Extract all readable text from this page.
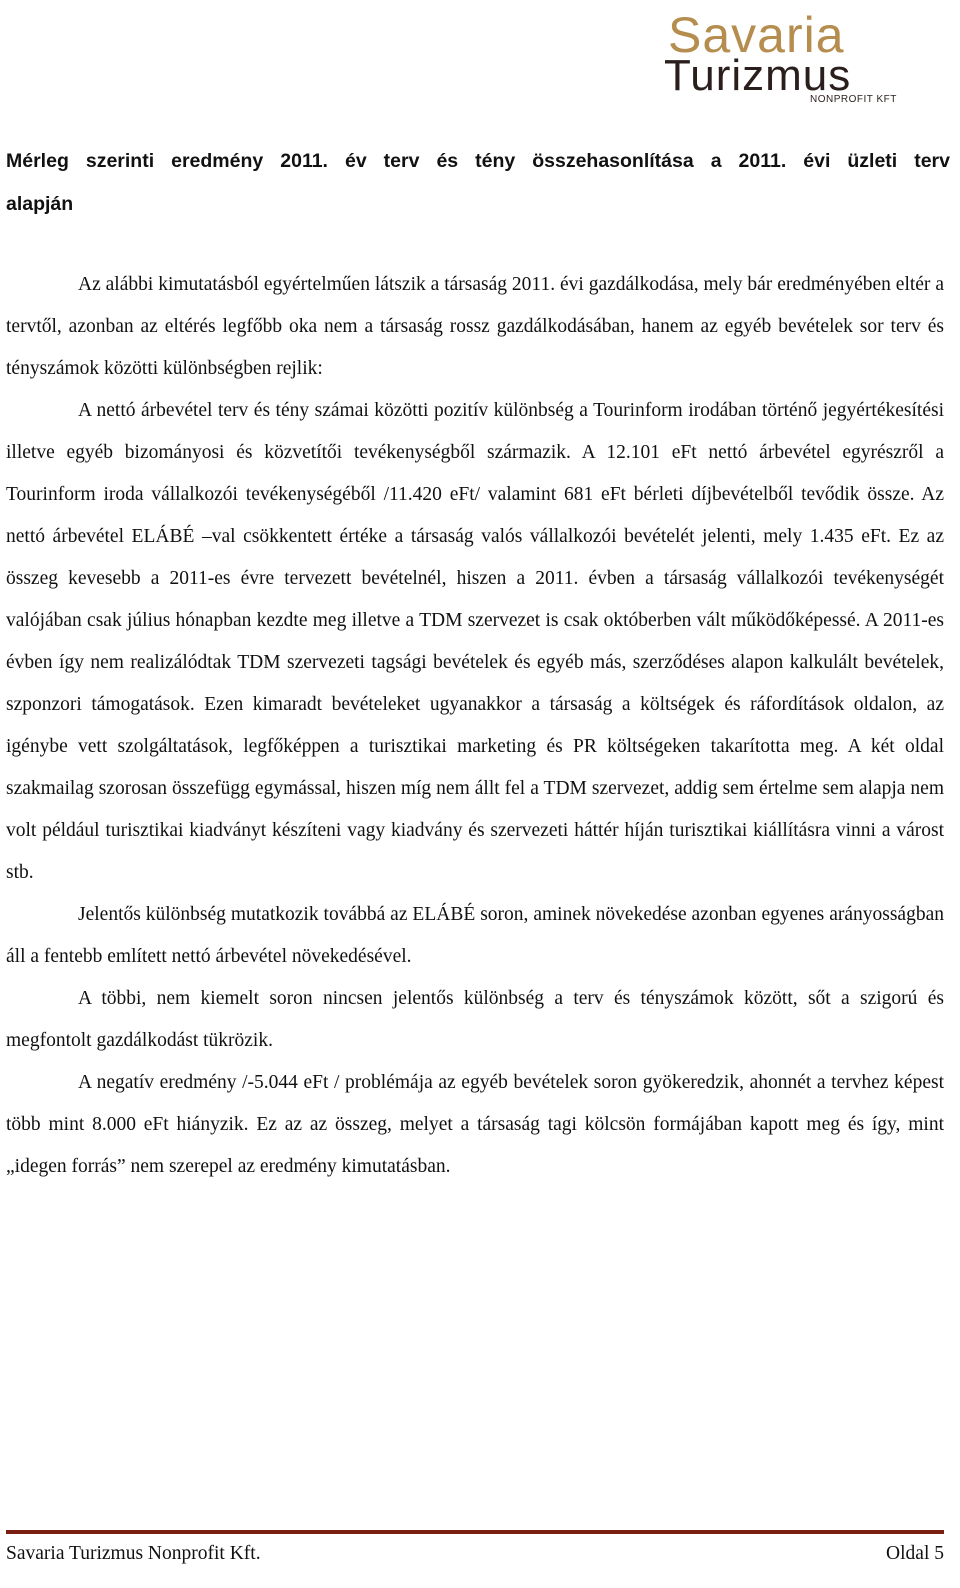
Savaria
Turizmus
NONPROFIT KFT
Mérleg szerinti eredmény 2011. év terv és tény összehasonlítása a 2011. évi üzleti terv
alapján

Az alábbi kimutatásból egyértelműen látszik a társaság 2011. évi gazdálkodása, mely bár eredményében eltér a tervtől, azonban az eltérés legfőbb oka nem a társaság rossz gazdálkodásában, hanem az egyéb bevételek sor terv és tényszámok közötti különbségben rejlik:

A nettó árbevétel terv és tény számai közötti pozitív különbség a Tourinform irodában történő jegyértékesítési illetve egyéb bizományosi és közvetítői tevékenységből származik. A 12.101 eFt nettó árbevétel egyrészről a Tourinform iroda vállalkozói tevékenységéből /11.420 eFt/ valamint 681 eFt bérleti díjbevételből tevődik össze. Az nettó árbevétel ELÁBÉ –val csökkentett értéke a társaság valós vállalkozói bevételét jelenti, mely 1.435 eFt. Ez az összeg kevesebb a 2011-es évre tervezett bevételnél, hiszen a 2011. évben a társaság vállalkozói tevékenységét valójában csak július hónapban kezdte meg illetve a TDM szervezet is csak októberben vált működőképessé. A 2011-es évben így nem realizálódtak TDM szervezeti tagsági bevételek és egyéb más, szerződéses alapon kalkulált bevételek, szponzori támogatások. Ezen kimaradt bevételeket ugyanakkor a társaság a költségek és ráfordítások oldalon, az igénybe vett szolgáltatások, legfőképpen a turisztikai marketing és PR költségeken takarította meg. A két oldal szakmailag szorosan összefügg egymással, hiszen míg nem állt fel a TDM szervezet, addig sem értelme sem alapja nem volt például turisztikai kiadványt készíteni vagy kiadvány és szervezeti háttér híján turisztikai kiállításra vinni a várost stb.

Jelentős különbség mutatkozik továbbá az ELÁBÉ soron, aminek növekedése azonban egyenes arányosságban áll a fentebb említett nettó árbevétel növekedésével.

A többi, nem kiemelt soron nincsen jelentős különbség a terv és tényszámok között, sőt a szigorú és megfontolt gazdálkodást tükrözik.

A negatív eredmény /-5.044 eFt / problémája az egyéb bevételek soron gyökeredzik, ahonnét a tervhez képest több mint 8.000 eFt hiányzik. Ez az az összeg, melyet a társaság tagi kölcsön formájában kapott meg és így, mint „idegen forrás” nem szerepel az eredmény kimutatásban.

Savaria Turizmus Nonprofit Kft.	Oldal 5
